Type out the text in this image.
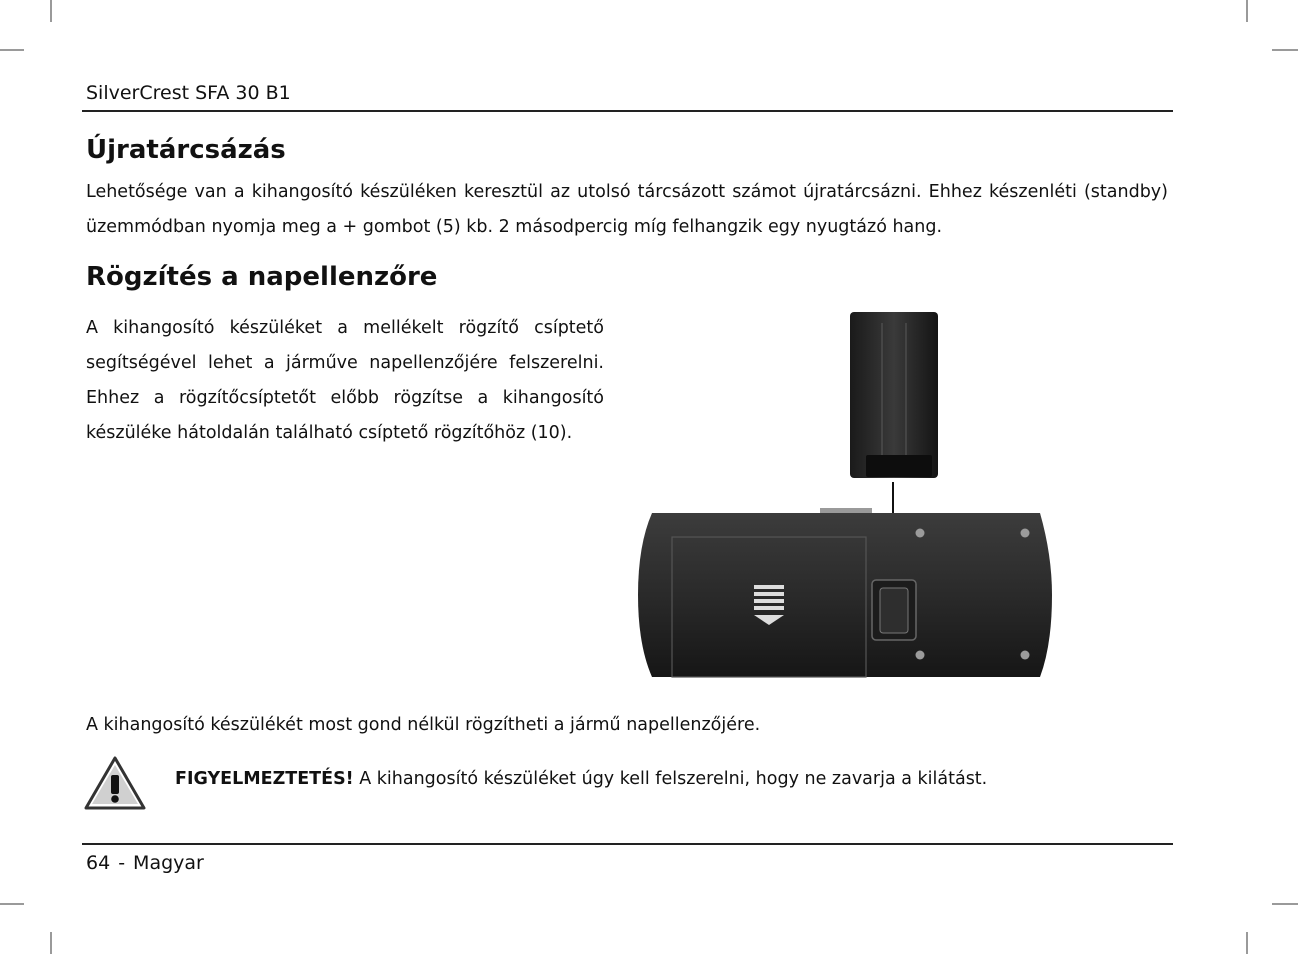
SilverCrest SFA 30 B1
Újratárcsázás

Lehetősége van a kihangosító készüléken keresztül az utolsó tárcsázott számot újratárcsázni. Ehhez készenléti (standby) üzemmódban nyomja meg a + gombot (5) kb. 2 másodpercig míg felhangzik egy nyugtázó hang.

Rögzítés a napellenzőre

A kihangosító készüléket a mellékelt rögzítő csíptető segítségével lehet a járműve napellenzőjére felszerelni. Ehhez a rögzítőcsíptetőt előbb rögzítse a kihangosító készüléke hátoldalán található csíptető rögzítőhöz (10).

A kihangosító készülékét most gond nélkül rögzítheti a jármű napellenzőjére.

FIGYELMEZTETÉS! A kihangosító készüléket úgy kell felszerelni, hogy ne zavarja a kilátást.
64 - Magyar
